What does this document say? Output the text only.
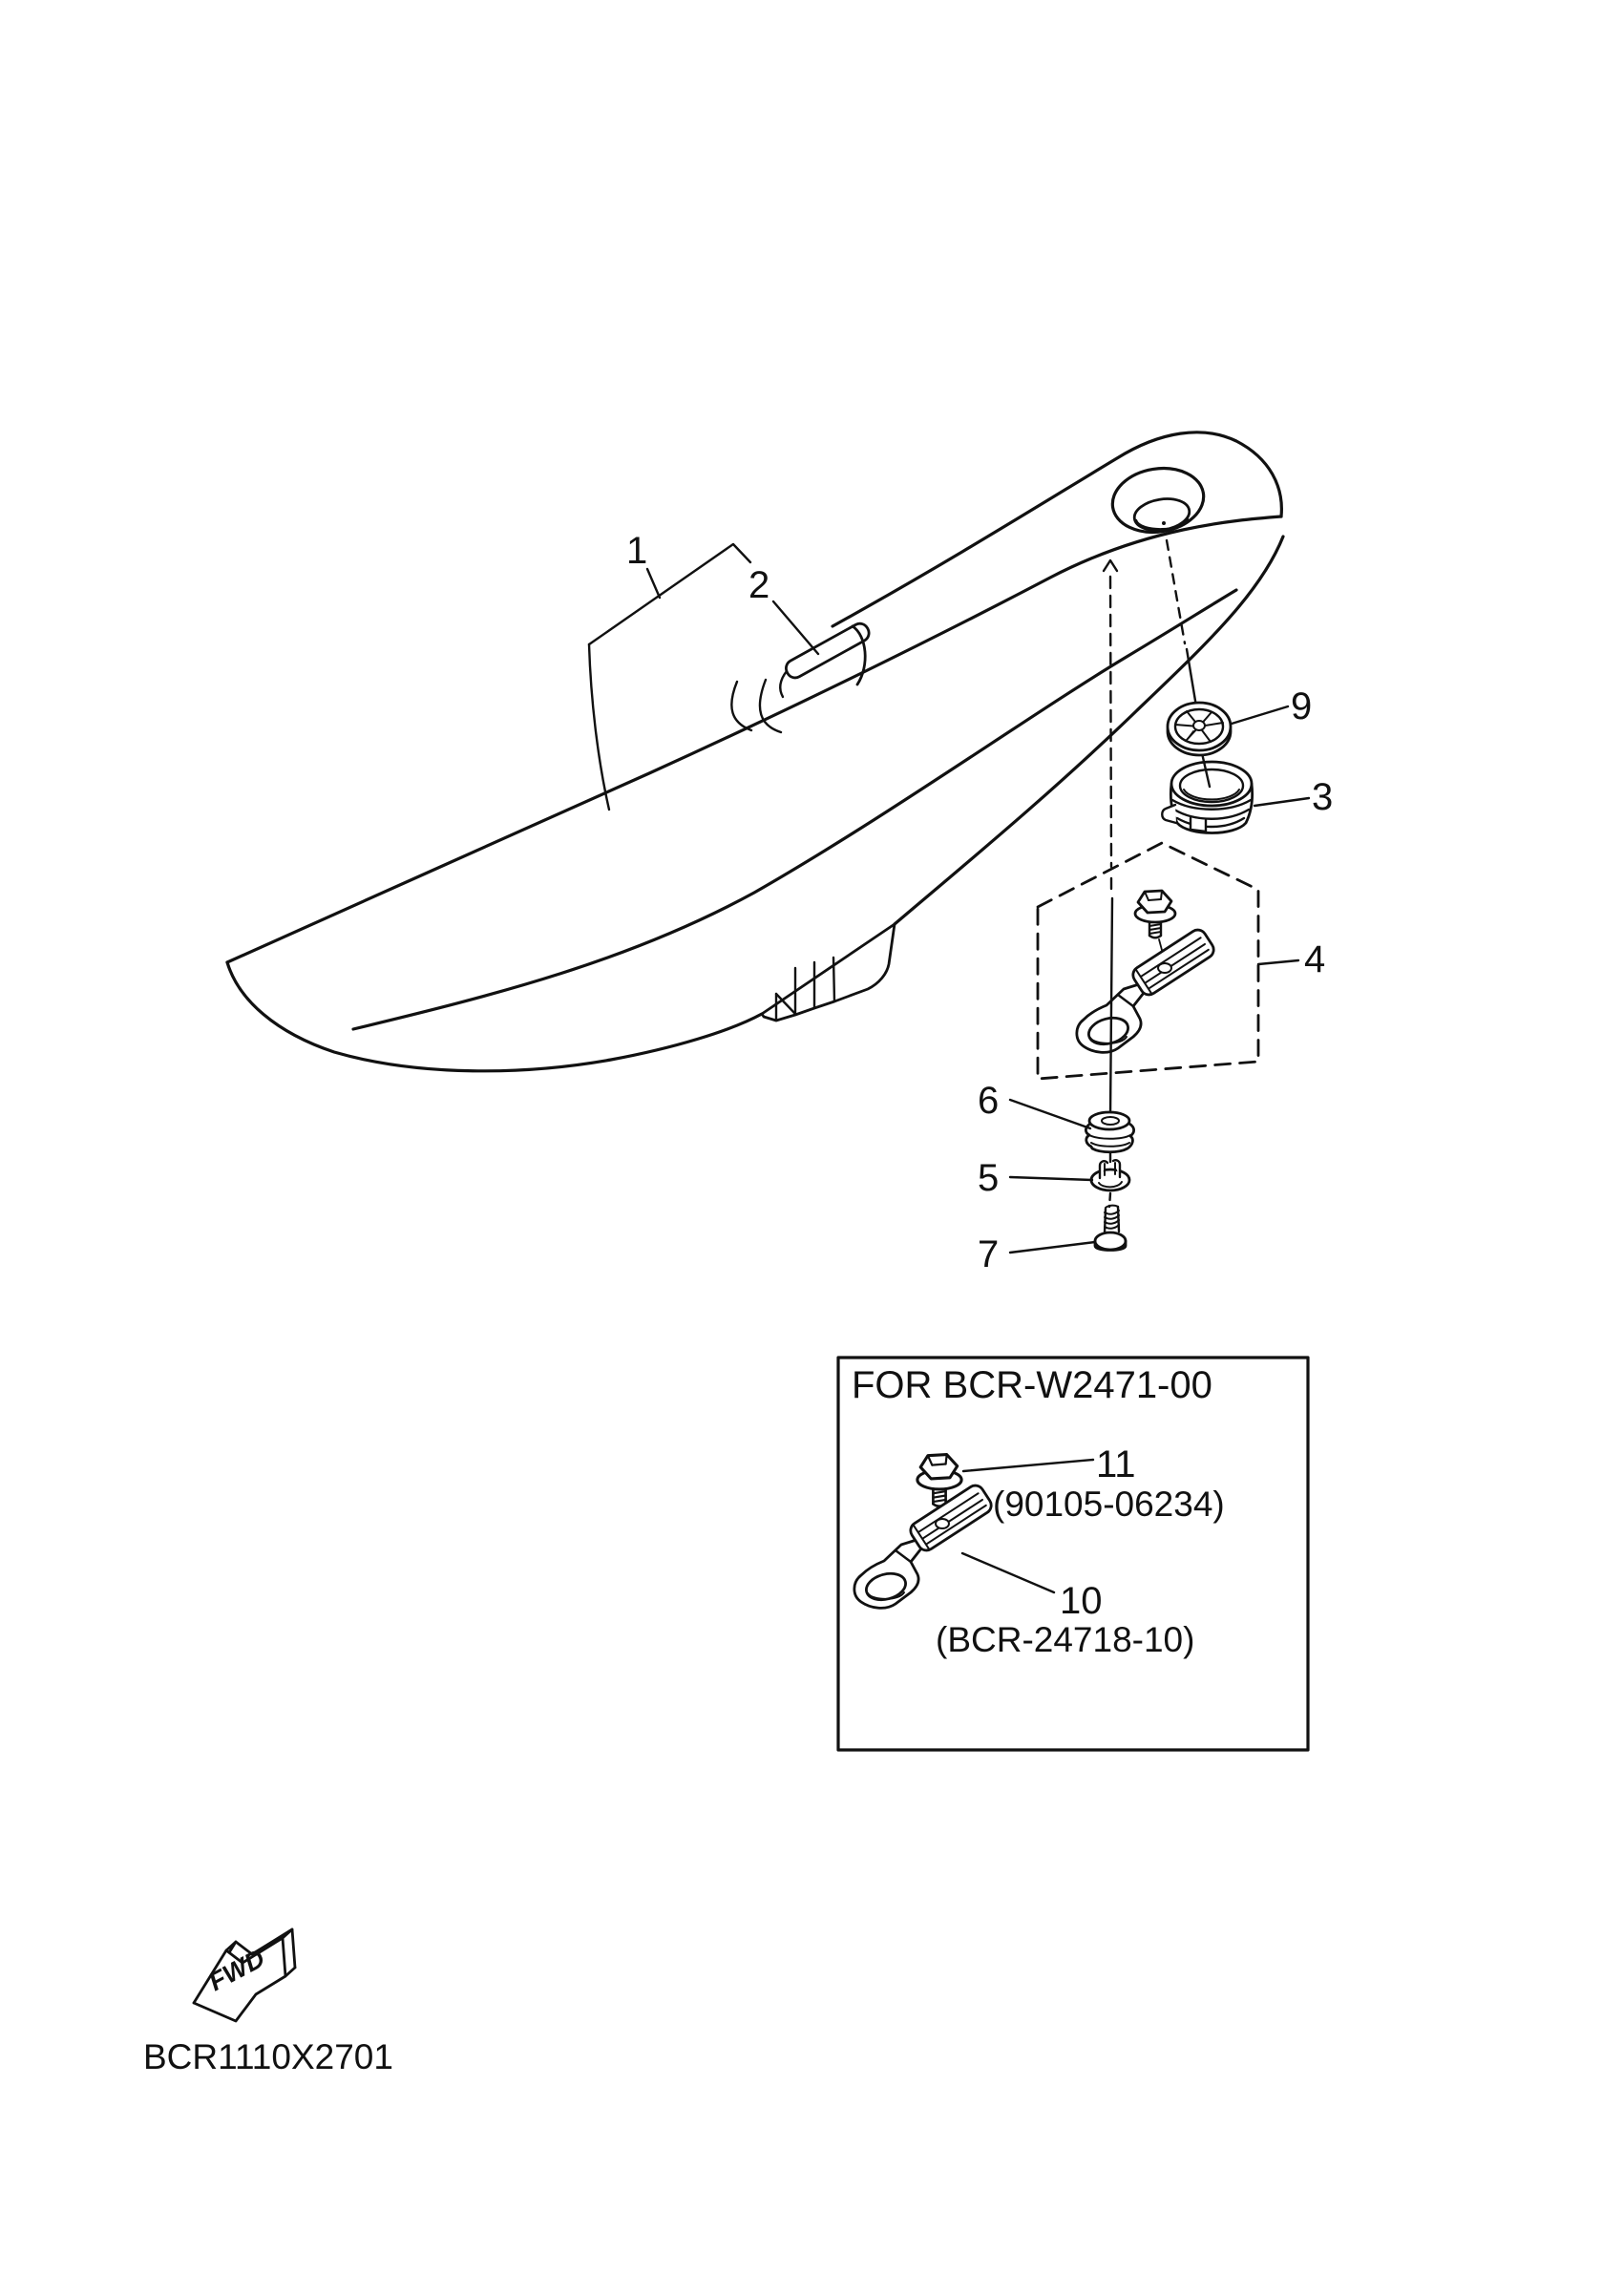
1
2
9
3
4
6
5
7
FOR BCR-W2471-00
11
(90105-06234)
10
(BCR-24718-10)
FWD
BCR1110X2701
